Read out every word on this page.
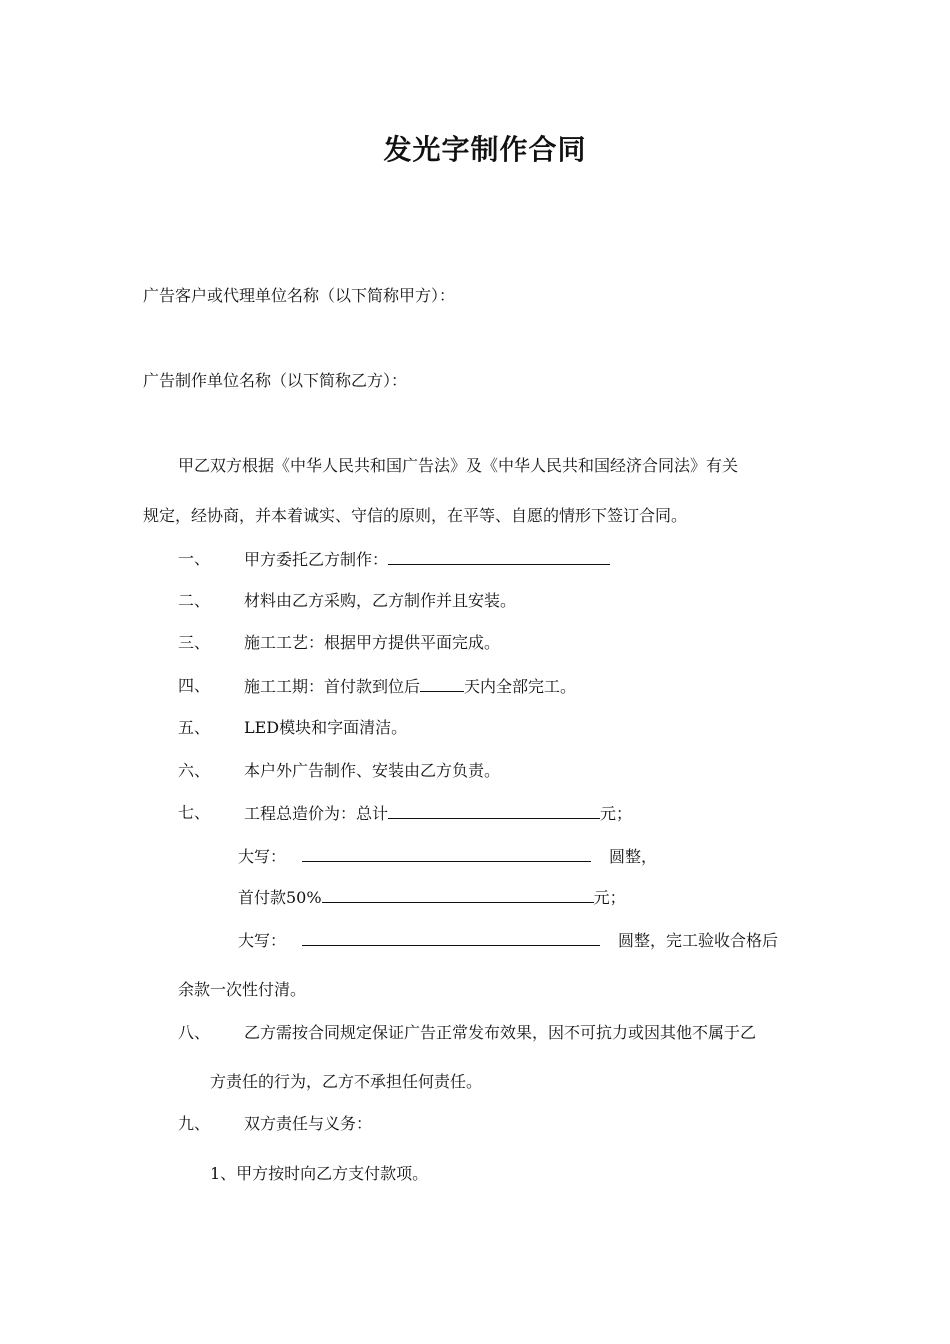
发光字制作合同
广告客户或代理单位名称（以下简称甲方）：
广告制作单位名称（以下简称乙方）：
甲乙双方根据《中华人民共和国广告法》及《中华人民共和国经济合同法》有关
规定，经协商，并本着诚实、守信的原则，在平等、自愿的情形下签订合同。
一、 甲方委托乙方制作：
二、 材料由乙方采购，乙方制作并且安装。
三、 施工工艺：根据甲方提供平面完成。
四、 施工工期：首付款到位后	天内全部完工。
五、 LED模块和字面清洁。
六、 本户外广告制作、安装由乙方负责。
七、 工程总造价为：总计	元；
大写：	圆整，
首付款50%	元；
大写：	圆整，完工验收合格后
余款一次性付清。
八、 乙方需按合同规定保证广告正常发布效果，因不可抗力或因其他不属于乙
方责任的行为，乙方不承担任何责任。
九、 双方责任与义务：
1、甲方按时向乙方支付款项。
